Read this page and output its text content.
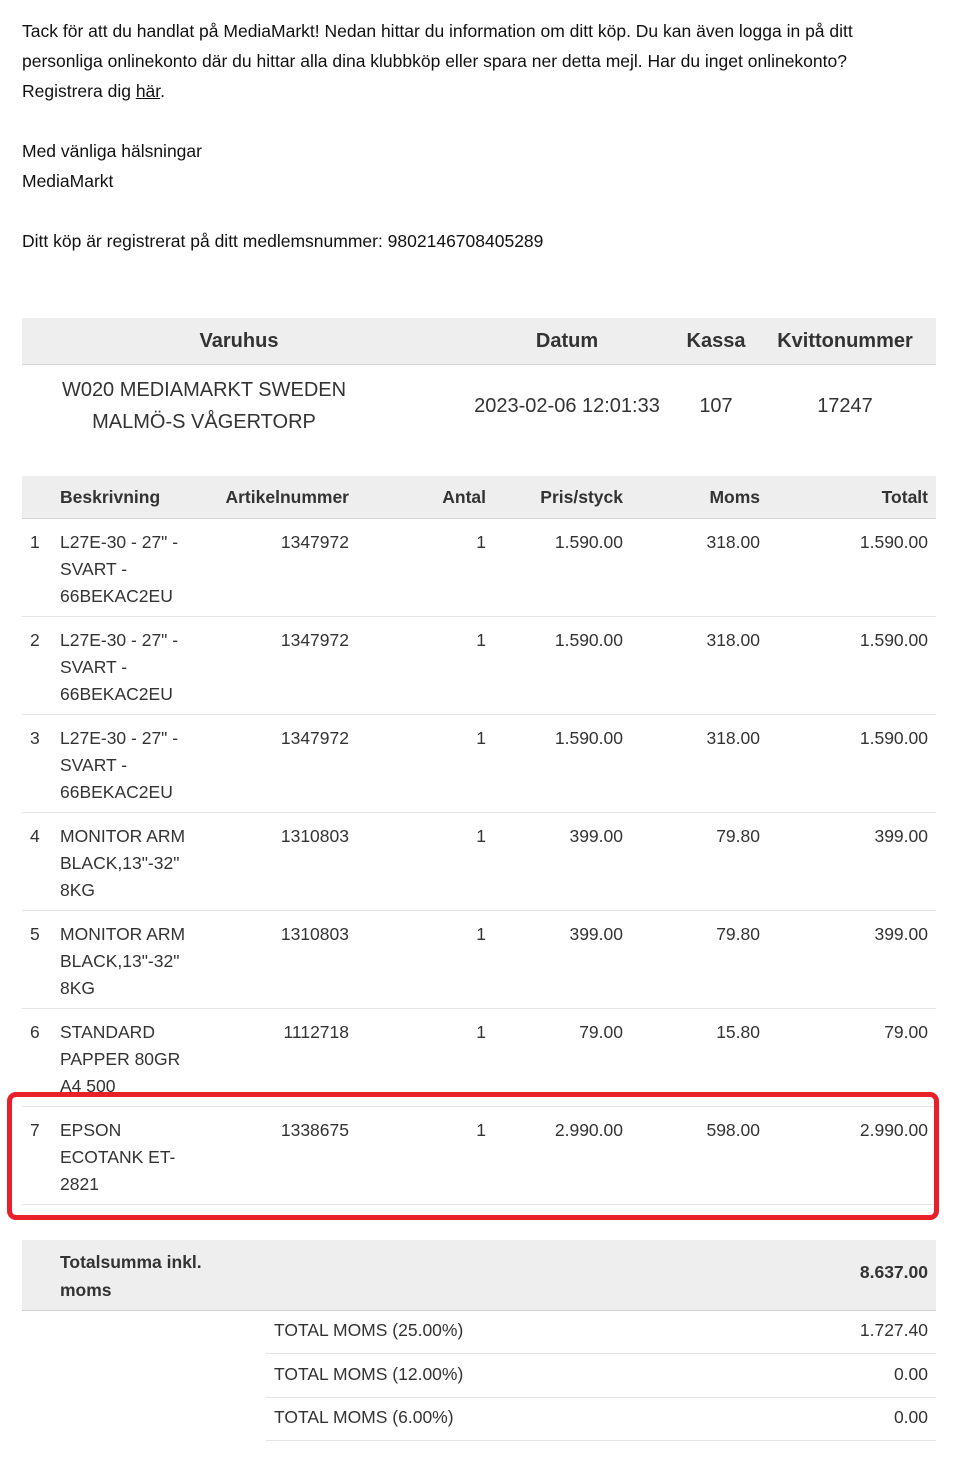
Tack för att du handlat på MediaMarkt! Nedan hittar du information om ditt köp. Du kan även logga in på ditt personliga onlinekonto där du hittar alla dina klubbköp eller spara ner detta mejl. Har du inget onlinekonto? Registrera dig här.

Med vänliga hälsningar

MediaMarkt

Ditt köp är registrerat på ditt medlemsnummer: 9802146708405289

Varuhus	Datum	Kassa	Kvittonummer
W020 MEDIAMARKT SWEDEN MALMÖ-S VÅGERTORP	2023-02-06 12:01:33	107	17247
	Beskrivning	Artikelnummer	Antal	Pris/styck	Moms	Totalt
1	L27E-30 - 27" - SVART - 66BEKAC2EU	1347972	1	1.590.00	318.00	1.590.00
2	L27E-30 - 27" - SVART - 66BEKAC2EU	1347972	1	1.590.00	318.00	1.590.00
3	L27E-30 - 27" - SVART - 66BEKAC2EU	1347972	1	1.590.00	318.00	1.590.00
4	MONITOR ARM BLACK,13"-32" 8KG	1310803	1	399.00	79.80	399.00
5	MONITOR ARM BLACK,13"-32" 8KG	1310803	1	399.00	79.80	399.00
6	STANDARD PAPPER 80GR A4 500	1112718	1	79.00	15.80	79.00
7	EPSON ECOTANK ET-2821	1338675	1	2.990.00	598.00	2.990.00
Totalsumma inkl. moms
8.637.00
TOTAL MOMS (25.00%)	1.727.40
TOTAL MOMS (12.00%)	0.00
TOTAL MOMS (6.00%)	0.00
